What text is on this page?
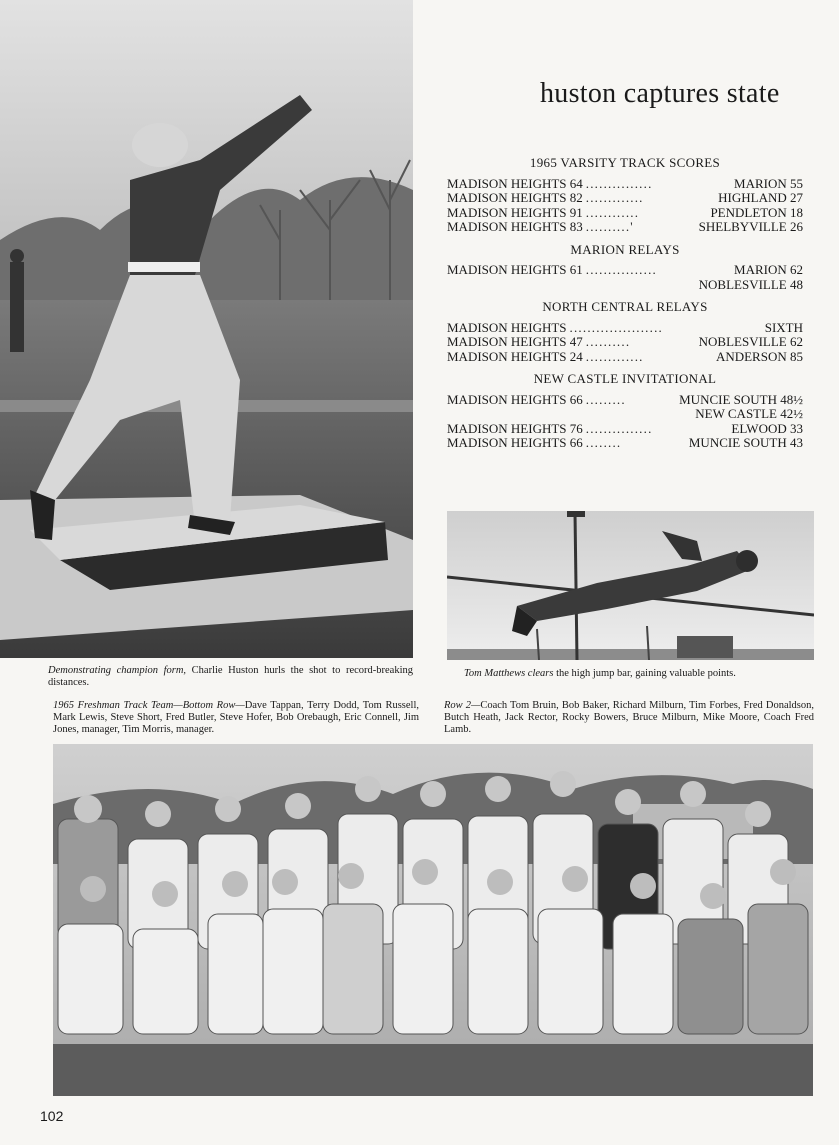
huston captures state
1965 VARSITY TRACK SCORES
MADISON HEIGHTS 64 ...............	MARION 55
MADISON HEIGHTS 82 .............	HIGHLAND 27
MADISON HEIGHTS 91 ............	PENDLETON 18
MADISON HEIGHTS 83 ..........'	SHELBYVILLE 26
MARION RELAYS
MADISON HEIGHTS 61 ................	MARION 62
NOBLESVILLE 48
NORTH CENTRAL RELAYS
MADISON HEIGHTS .....................	SIXTH
MADISON HEIGHTS 47 ..........	NOBLESVILLE 62
MADISON HEIGHTS 24 .............	ANDERSON 85
NEW CASTLE INVITATIONAL
MADISON HEIGHTS 66 .........	MUNCIE SOUTH 48½
NEW CASTLE 42½
MADISON HEIGHTS 76 ...............	ELWOOD 33
MADISON HEIGHTS 66 ........	MUNCIE SOUTH 43
Demonstrating champion form, Charlie Huston hurls the shot to record-breaking distances.
Tom Matthews clears the high jump bar, gaining valuable points.
1965 Freshman Track Team—Bottom Row—Dave Tappan, Terry Dodd, Tom Russell, Mark Lewis, Steve Short, Fred Butler, Steve Hofer, Bob Orebaugh, Eric Connell, Jim Jones, manager, Tim Morris, manager.
Row 2—Coach Tom Bruin, Bob Baker, Richard Milburn, Tim Forbes, Fred Donaldson, Butch Heath, Jack Rector, Rocky Bowers, Bruce Milburn, Mike Moore, Coach Fred Lamb.
102
